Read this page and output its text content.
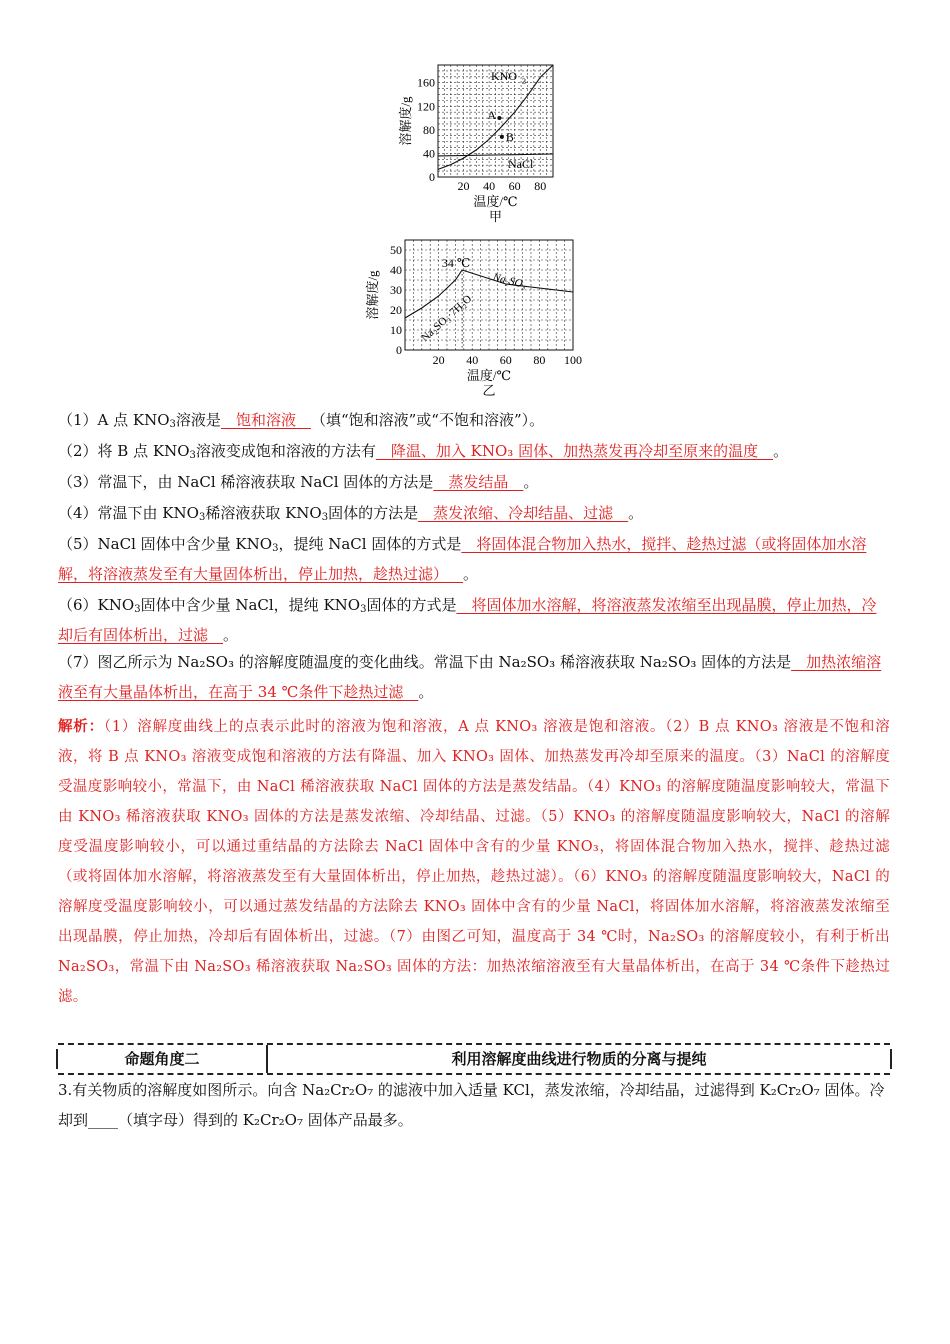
0
40
80
120
160
20 40 60 80
溶解度/g
温度/℃
甲
A
B
KNO 3
NaCl
0
10
20
30
40
50
20 40 60 80 100
溶解度/g
温度/℃
乙
34 ℃
Na₂SO₃·7H₂O
Na₂SO₃
（1）A 点 $KNO_3$溶液是__饱和溶液__（填“饱和溶液”或“不饱和溶液”）。
（2）将 B 点 $KNO_3$溶液变成饱和溶液的方法有__降温、加入 KNO₃ 固体、加热蒸发再冷却至原来的温度__。
（3）常温下，由 NaCl 稀溶液获取 NaCl 固体的方法是__蒸发结晶__。
（4）常温下由 $KNO_3$稀溶液获取 $KNO_3$固体的方法是__蒸发浓缩、冷却结晶、过滤__。
（5）NaCl 固体中含少量 $KNO_3$，提纯 NaCl 固体的方式是__将固体混合物加入热水，搅拌、趁热过滤（或将固体加水溶解，将溶液蒸发至有大量固体析出，停止加热，趁热过滤）__。
$(6)KNO_3$固体中含少量 NaCl，提纯 $KNO_3$固体的方式是__将固体加水溶解，将溶液蒸发浓缩至出现晶膜，停止加热，冷却后有固体析出，过滤__。
（7）图乙所示为 Na₂SO₃ 的溶解度随温度的变化曲线。常温下由 Na₂SO₃ 稀溶液获取 Na₂SO₃ 固体的方法是__加热浓缩溶液至有大量晶体析出，在高于 34 ℃条件下趁热过滤__。
解析：（1）溶解度曲线上的点表示此时的溶液为饱和溶液，A 点 KNO₃ 溶液是饱和溶液。（2）B 点 KNO₃ 溶液是不饱和溶液，将 B 点 KNO₃ 溶液变成饱和溶液的方法有降温、加入 KNO₃ 固体、加热蒸发再冷却至原来的温度。（3）NaCl 的溶解度受温度影响较小，常温下，由 NaCl 稀溶液获取 NaCl 固体的方法是蒸发结晶。（4）KNO₃ 的溶解度随温度影响较大，常温下由 KNO₃ 稀溶液获取 KNO₃ 固体的方法是蒸发浓缩、冷却结晶、过滤。（5）KNO₃ 的溶解度随温度影响较大，NaCl 的溶解度受温度影响较小，可以通过重结晶的方法除去 NaCl 固体中含有的少量 KNO₃，将固体混合物加入热水，搅拌、趁热过滤（或将固体加水溶解，将溶液蒸发至有大量固体析出，停止加热，趁热过滤）。（6）KNO₃ 的溶解度随温度影响较大，NaCl 的溶解度受温度影响较小，可以通过蒸发结晶的方法除去 KNO₃ 固体中含有的少量 NaCl，将固体加水溶解，将溶液蒸发浓缩至出现晶膜，停止加热，冷却后有固体析出，过滤。（7）由图乙可知，温度高于 34 ℃时，Na₂SO₃ 的溶解度较小，有利于析出 Na₂SO₃，常温下由 Na₂SO₃ 稀溶液获取 Na₂SO₃ 固体的方法：加热浓缩溶液至有大量晶体析出，在高于 34 ℃条件下趁热过滤。
命题角度二	利用溶解度曲线进行物质的分离与提纯
3.有关物质的溶解度如图所示。向含 Na₂Cr₂O₇ 的滤液中加入适量 KCl，蒸发浓缩，冷却结晶，过滤得到 K₂Cr₂O₇ 固体。冷却到____（填字母）得到的 K₂Cr₂O₇ 固体产品最多。
